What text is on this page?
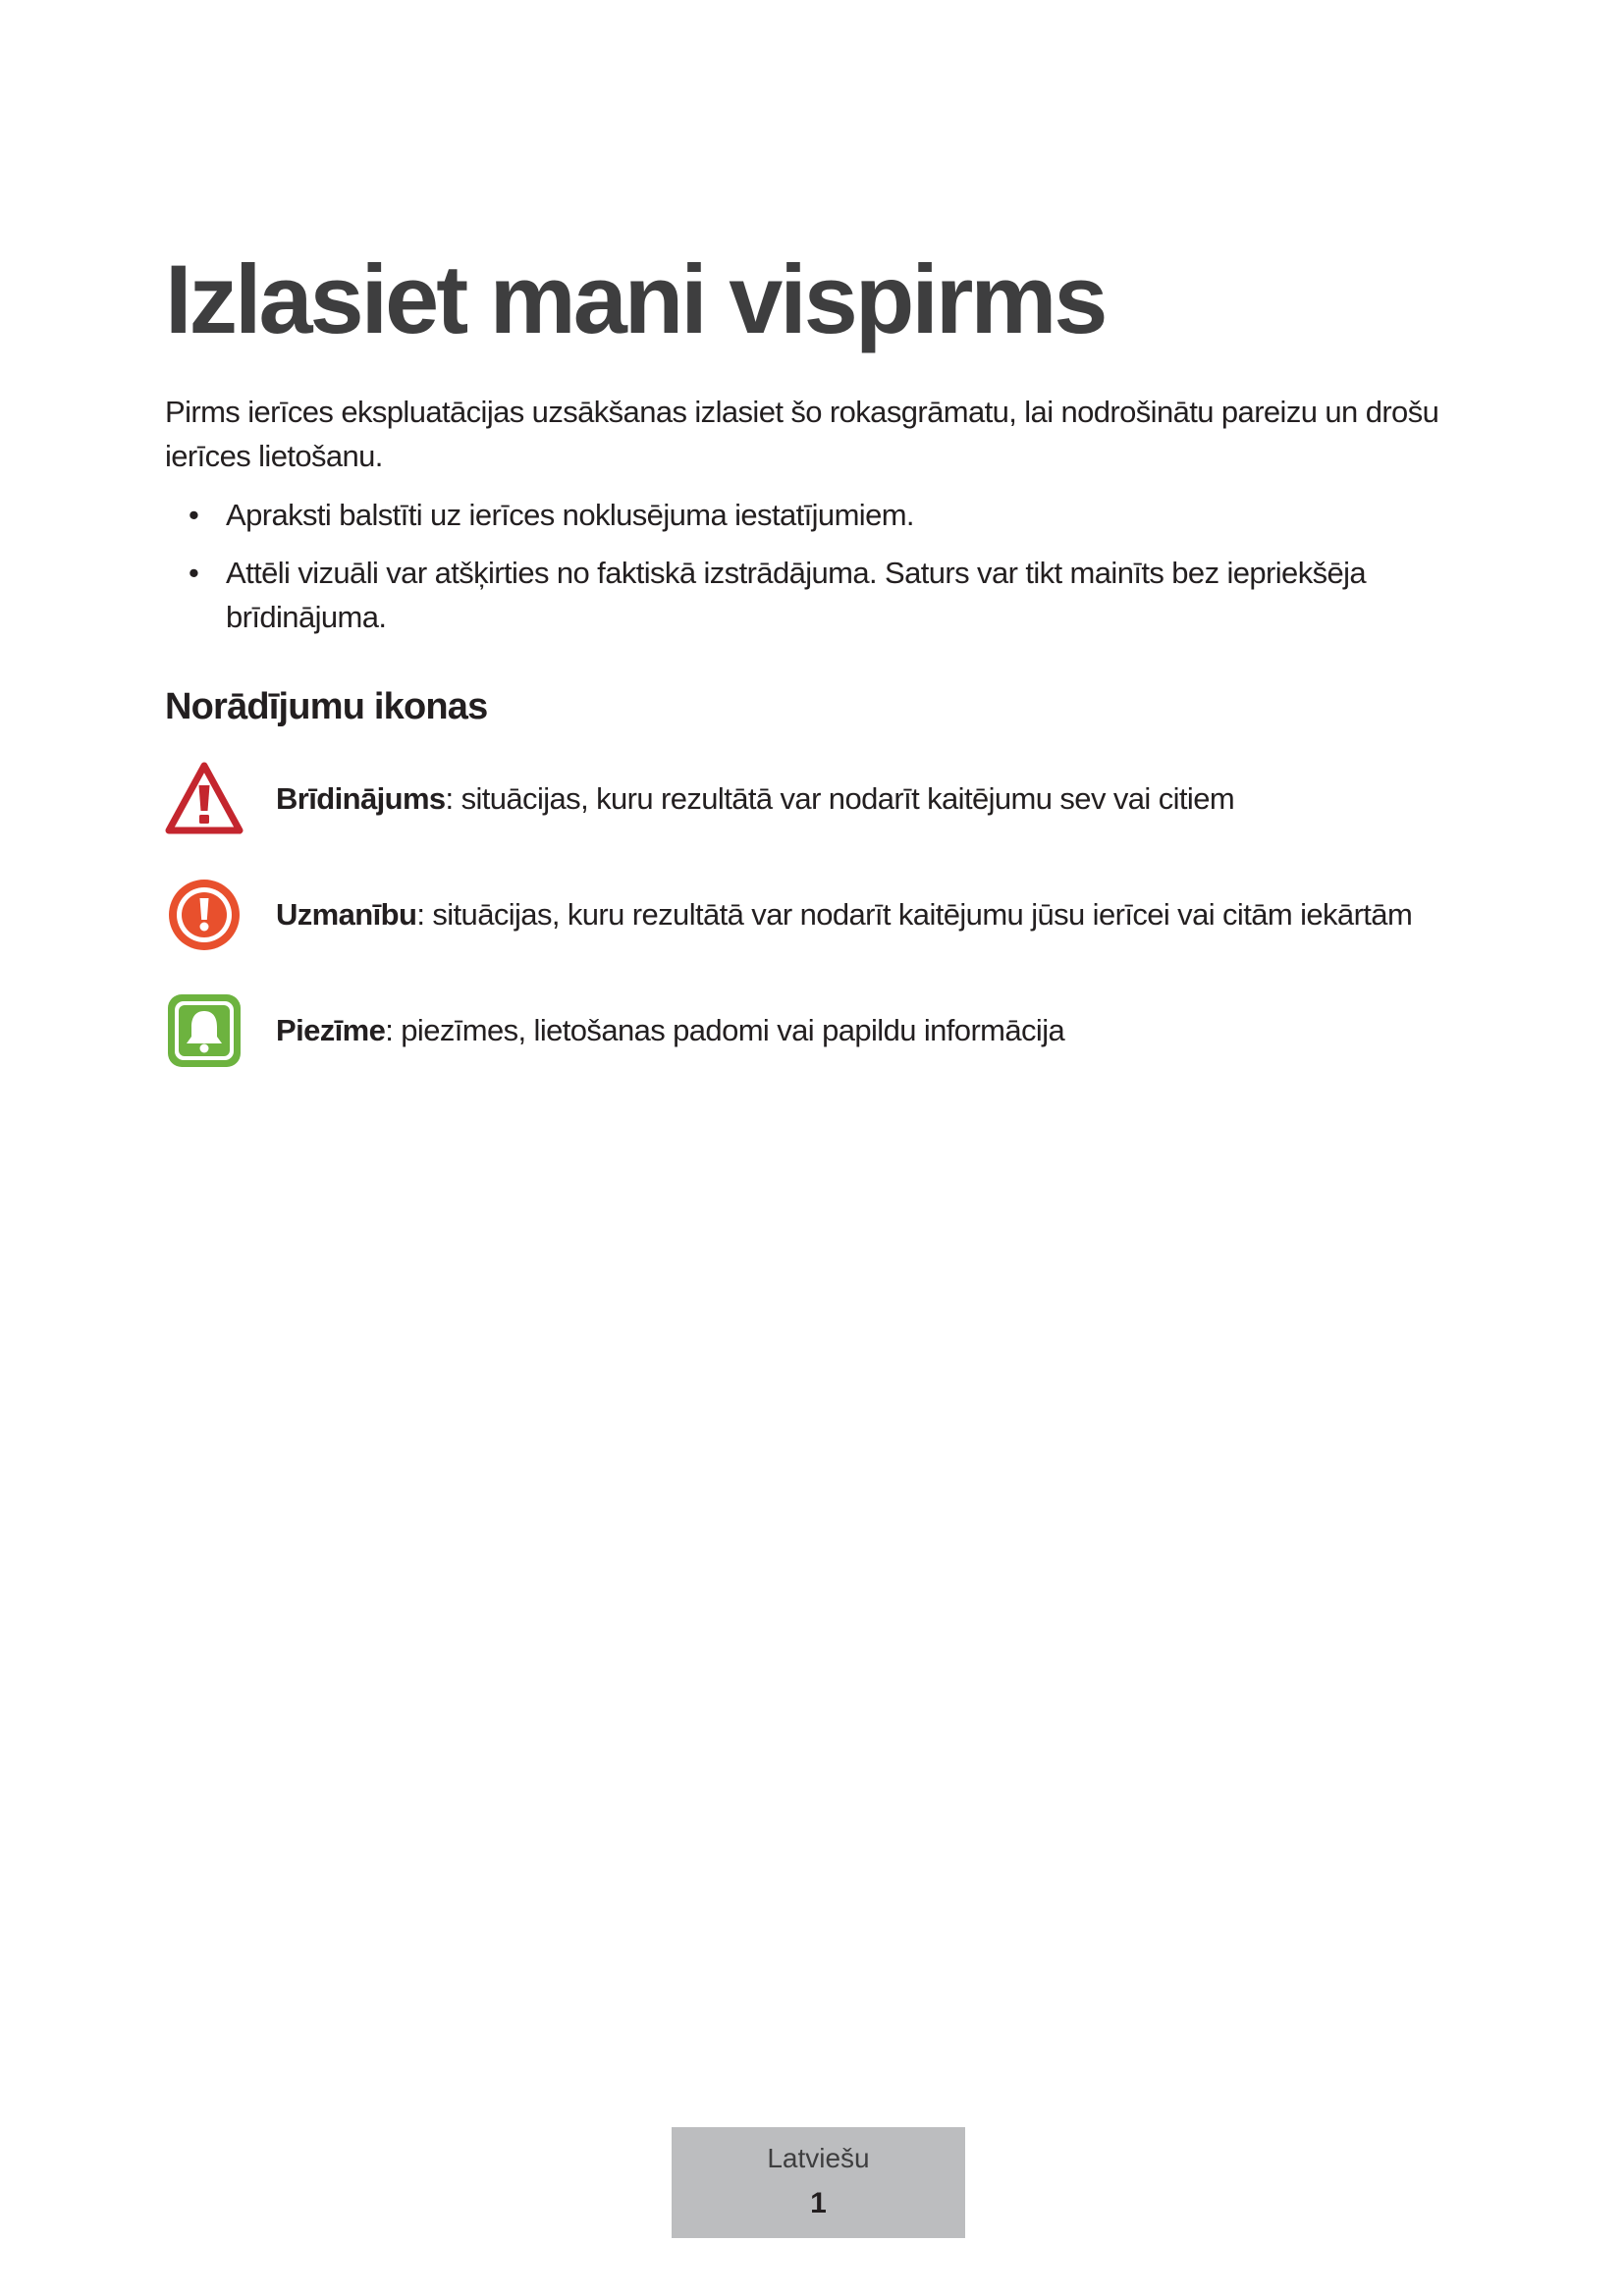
Izlasiet mani vispirms

Pirms ierīces ekspluatācijas uzsākšanas izlasiet šo rokasgrāmatu, lai nodrošinātu pareizu un drošu ierīces lietošanu.

• Apraksti balstīti uz ierīces noklusējuma iestatījumiem.
• Attēli vizuāli var atšķirties no faktiskā izstrādājuma. Saturs var tikt mainīts bez iepriekšēja brīdinājuma.
Norādījumu ikonas
Brīdinājums: situācijas, kuru rezultātā var nodarīt kaitējumu sev vai citiem
Uzmanību: situācijas, kuru rezultātā var nodarīt kaitējumu jūsu ierīcei vai citām iekārtām
Piezīme: piezīmes, lietošanas padomi vai papildu informācija
Latviešu
1
